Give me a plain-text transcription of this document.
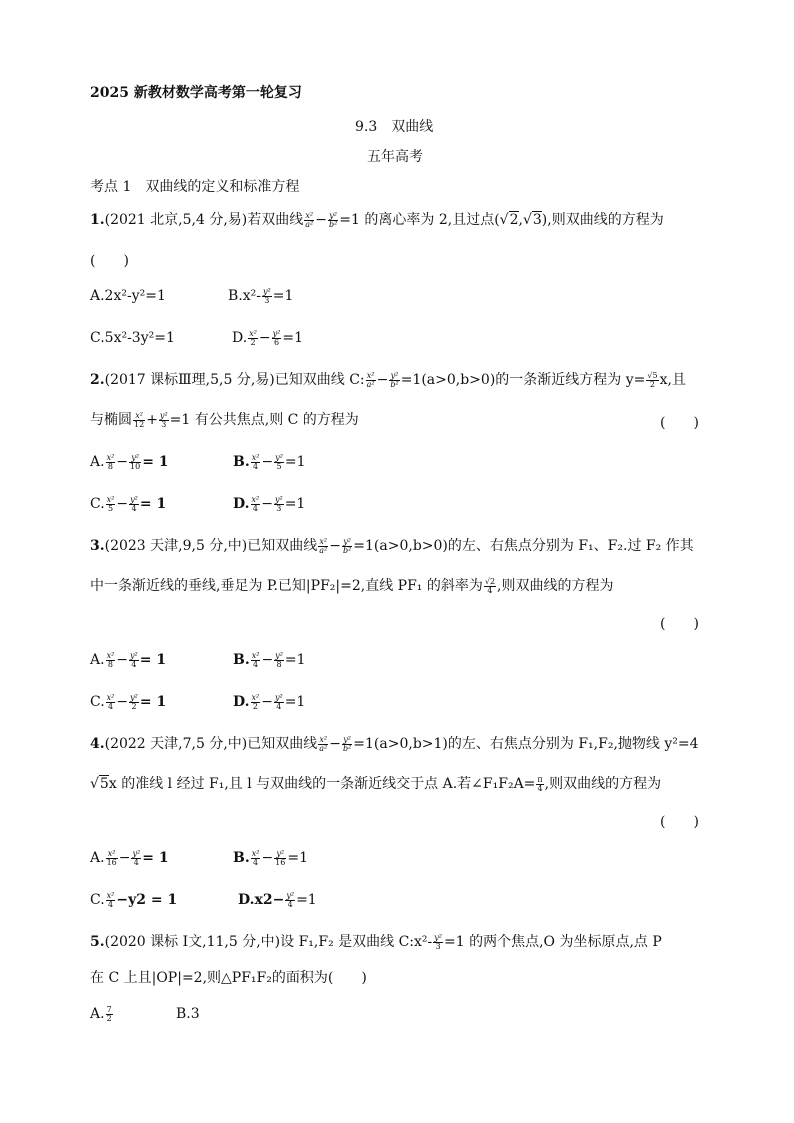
2025 新教材数学高考第一轮复习
9.3　双曲线
五年高考
考点 1　双曲线的定义和标准方程
1.(2021 北京,5,4 分,易)若双曲线 $\frac{\text{x²}}{\text{a²}} - \frac{\text{y²}}{\text{b²}} =1$ 的离心率为 2,且过点(√2,√3),则双曲线的方程为
(　　)
A.2x²-y²=1	$B.x^2- \frac{\text{y²}}{3} =1$
C.5x²-3y²=1	D. $\frac{\text{x²}}{2} - \frac{\text{y²}}{6} =1$
2.(2017 课标Ⅲ理,5,5 分,易)已知双曲线 C: $\frac{\text{x²}}{\text{a²}} - \frac{\text{y²}}{\text{b²}} =1(a>0,b>0)$的一条渐近线方程为 $y= \frac{√5}{2} x$,且
与椭圆 $\frac{\text{x²}}{12} + \frac{\text{y²}}{3} =1$ 有公共焦点,则 C 的方程为	(　　)
A. $\frac{\text{x²}}{8} - \frac{\text{y²}}{10} = 1$	B. $\frac{\text{x²}}{4} - \frac{\text{y²}}{5} =1$
C. $\frac{\text{x²}}{5} - \frac{\text{y²}}{4} = 1$	D. $\frac{\text{x²}}{4} - \frac{\text{y²}}{3} =1$
3.(2023 天津,9,5 分,中)已知双曲线 $\frac{\text{x²}}{\text{a²}} - \frac{\text{y²}}{\text{b²}} =1(a>0,b>0)$的左、右焦点分别为 F₁、F₂.过 F₂ 作其
中一条渐近线的垂线,垂足为 P.已知|PF₂|=2,直线 PF₁ 的斜率为 $\frac{√2}{4}$ ,则双曲线的方程为
(　　)
A. $\frac{\text{x²}}{8} - \frac{\text{y²}}{4} = 1$	B. $\frac{\text{x²}}{4} - \frac{\text{y²}}{8} =1$
C. $\frac{\text{x²}}{4} - \frac{\text{y²}}{2} = 1$	D. $\frac{\text{x²}}{2} - \frac{\text{y²}}{4} =1$
4.(2022 天津,7,5 分,中)已知双曲线 $\frac{\text{x²}}{\text{a²}} - \frac{\text{y²}}{\text{b²}} =1(a>0,b>1)$的左、右焦点分别为 F₁,F₂,抛物线 y²=4
√5x 的准线 l 经过 F₁,且 l 与双曲线的一条渐近线交于点 A.若∠F₁F₂A= $\frac{\pi}{4}$ ,则双曲线的方程为
(　　)
A. $\frac{\text{x²}}{16} - \frac{\text{y²}}{4} = 1$	B. $\frac{\text{x²}}{4} - \frac{\text{y²}}{16} =1$
C. $\frac{\text{x²}}{4} -y2 = 1$	$D.x2- \frac{\text{y²}}{4} =1$
5.(2020 课标 Ⅰ文,11,5 分,中)设 F₁,F₂ 是双曲线 C:x²- $\frac{\text{y²}}{3} =1$ 的两个焦点,O 为坐标原点,点 P
在 C 上且|OP|=2,则△PF₁F₂的面积为(　　)
A. $\frac{7}{2}$	B.3
